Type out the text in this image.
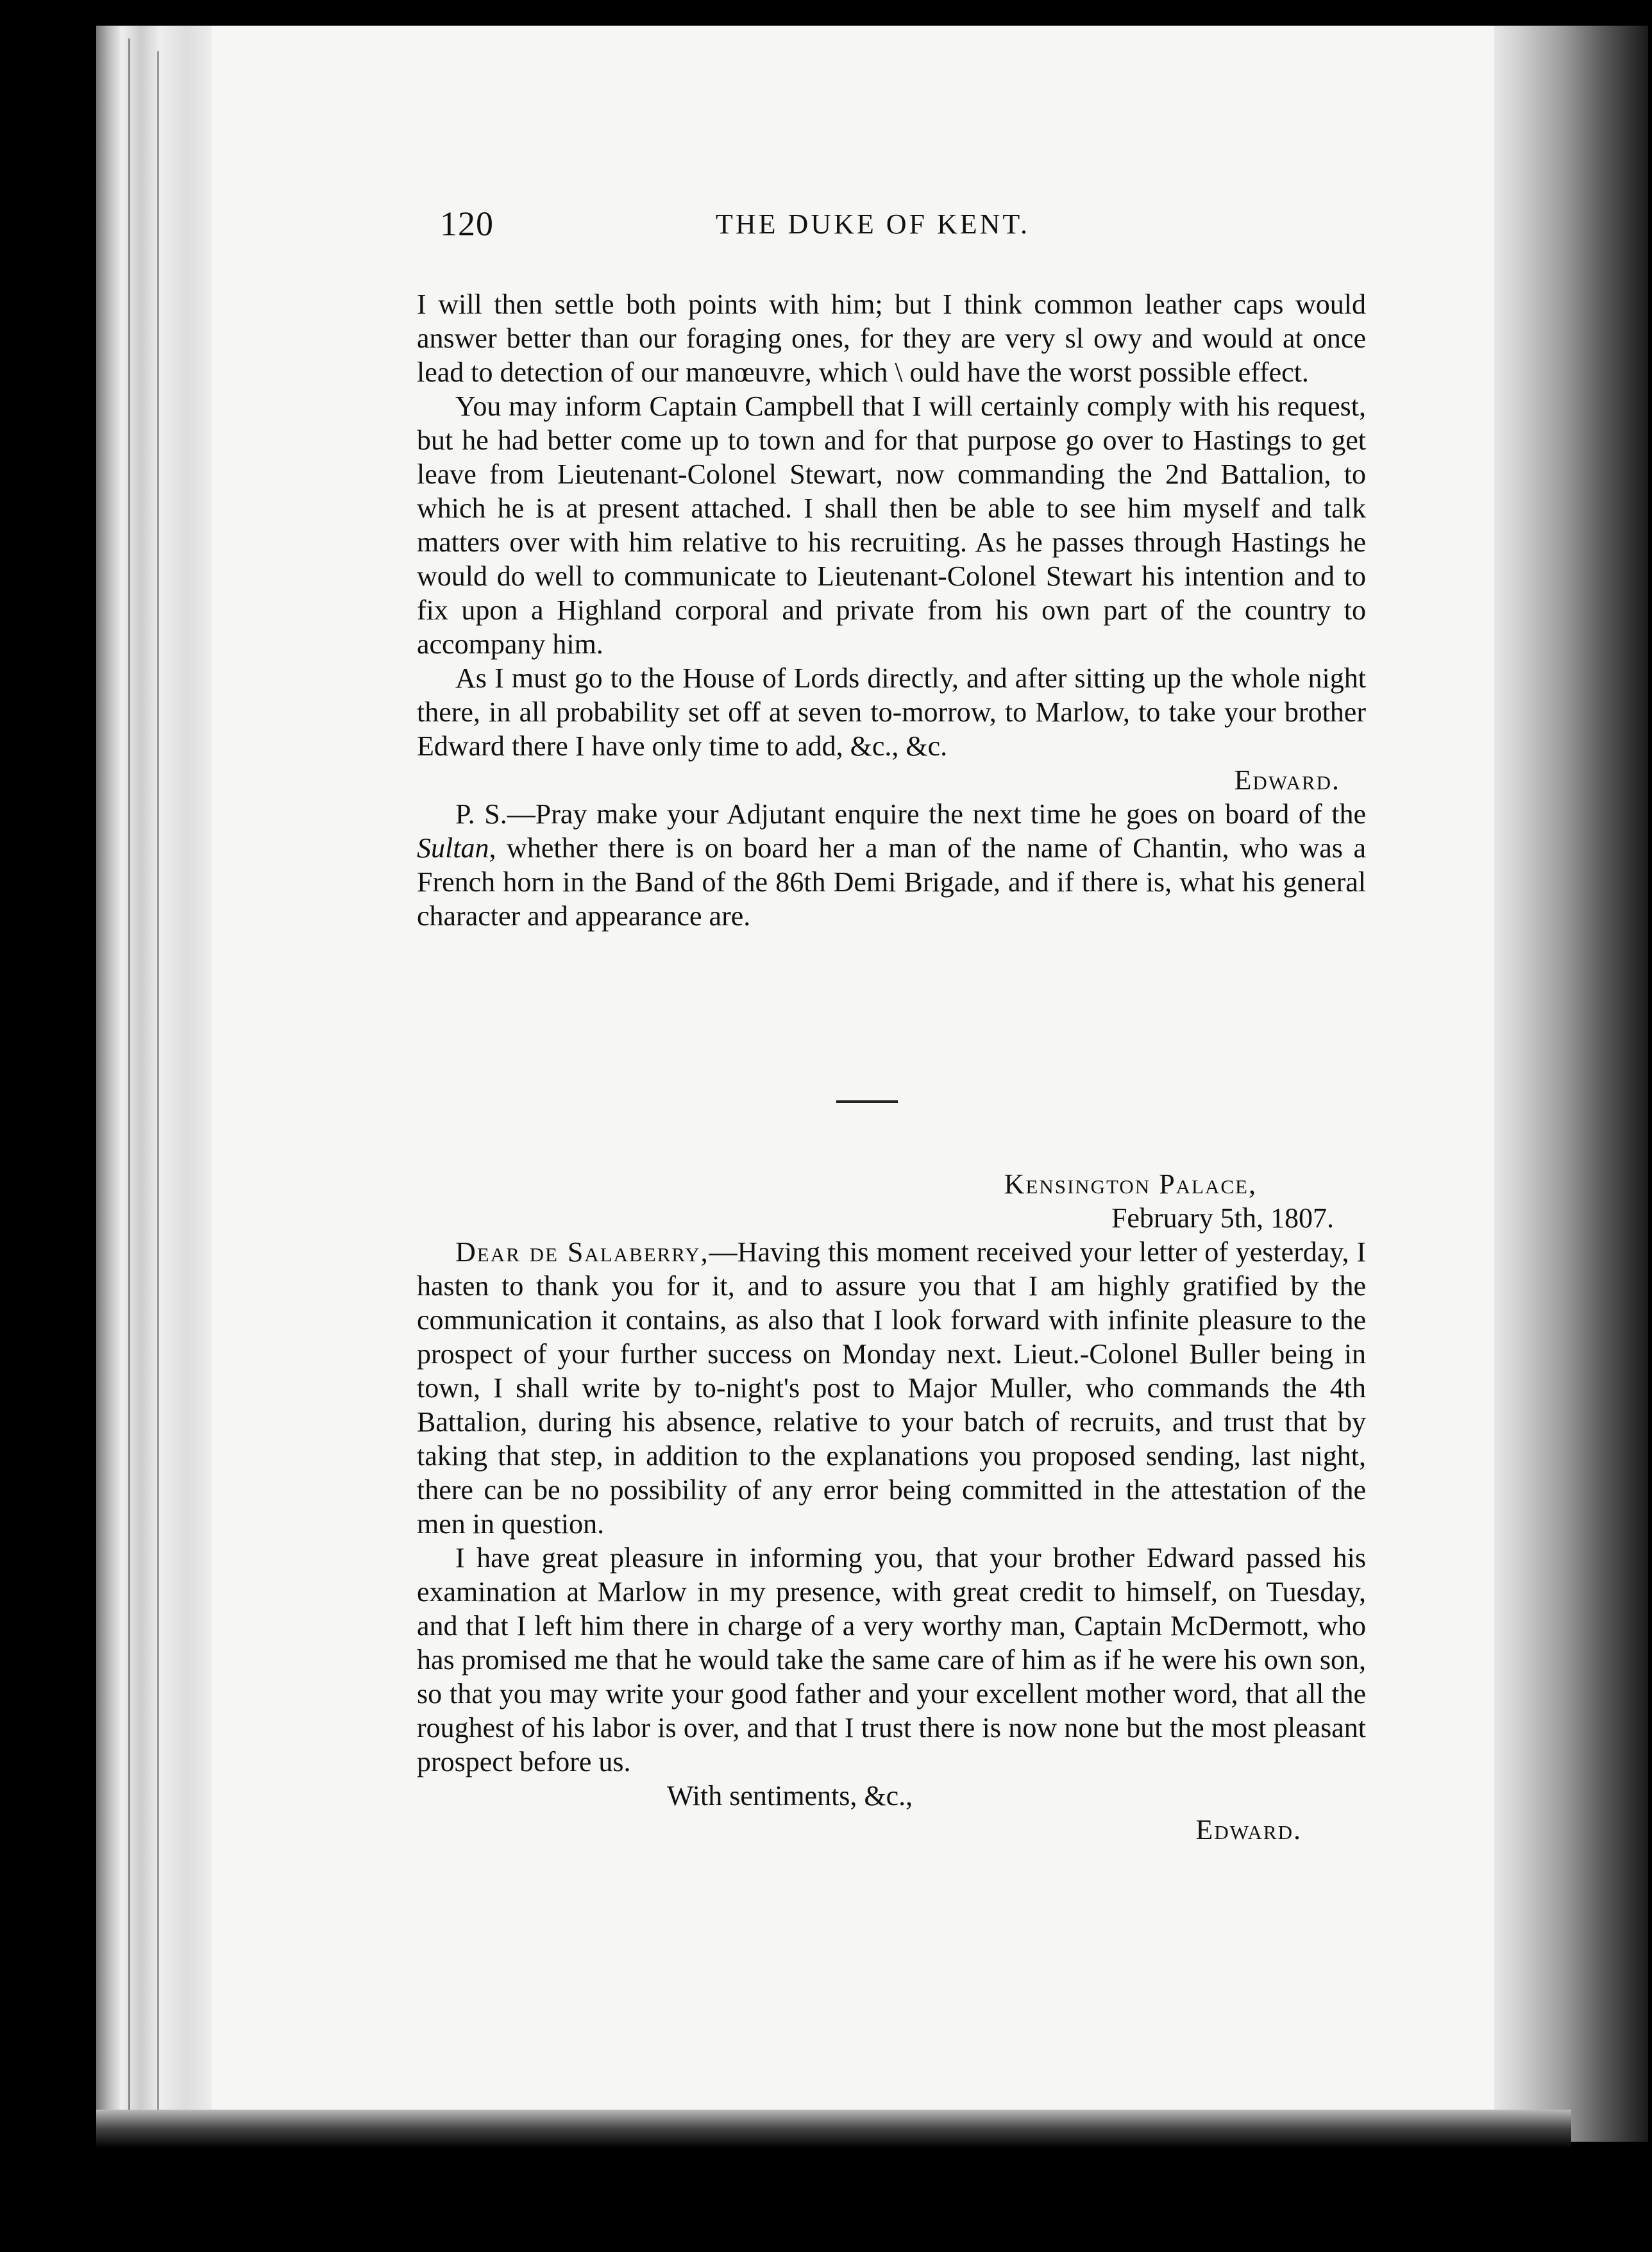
120	THE DUKE OF KENT.

I will then settle both points with him; but I think common leather caps would answer better than our foraging ones, for they are very sl owy and would at once lead to detection of our manœuvre, which \ ould have the worst possible effect.

You may inform Captain Campbell that I will certainly comply with his request, but he had better come up to town and for that purpose go over to Hastings to get leave from Lieutenant-Colonel Stewart, now commanding the 2nd Battalion, to which he is at present attached. I shall then be able to see him myself and talk matters over with him relative to his recruiting. As he passes through Hastings he would do well to communicate to Lieutenant-Colonel Stewart his intention and to fix upon a Highland corporal and private from his own part of the country to accompany him.

As I must go to the House of Lords directly, and after sitting up the whole night there, in all probability set off at seven to-morrow, to Marlow, to take your brother Edward there I have only time to add, &c., &c.

Edward.

P. S.—Pray make your Adjutant enquire the next time he goes on board of the Sultan, whether there is on board her a man of the name of Chantin, who was a French horn in the Band of the 86th Demi Brigade, and if there is, what his general character and appearance are.

Kensington Palace,

February 5th, 1807.

Dear de Salaberry,—Having this moment received your letter of yesterday, I hasten to thank you for it, and to assure you that I am highly gratified by the communication it contains, as also that I look forward with infinite pleasure to the prospect of your further success on Monday next. Lieut.-Colonel Buller being in town, I shall write by to-night's post to Major Muller, who commands the 4th Battalion, during his absence, relative to your batch of recruits, and trust that by taking that step, in addition to the explanations you proposed sending, last night, there can be no possibility of any error being committed in the attestation of the men in question.

I have great pleasure in informing you, that your brother Edward passed his examination at Marlow in my presence, with great credit to himself, on Tuesday, and that I left him there in charge of a very worthy man, Captain McDermott, who has promised me that he would take the same care of him as if he were his own son, so that you may write your good father and your excellent mother word, that all the roughest of his labor is over, and that I trust there is now none but the most pleasant prospect before us.

With sentiments, &c.,

Edward.
